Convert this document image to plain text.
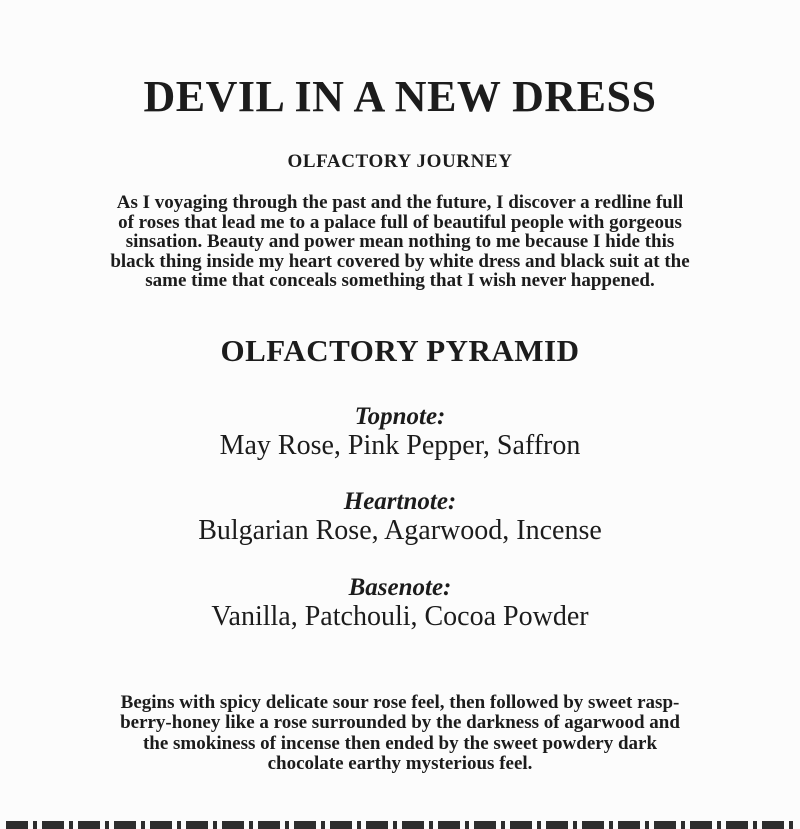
DEVIL IN A NEW DRESS
OLFACTORY JOURNEY

As I voyaging through the past and the future, I discover a redline full
of roses that lead me to a palace full of beautiful people with gorgeous
sinsation. Beauty and power mean nothing to me because I hide this
black thing inside my heart covered by white dress and black suit at the
same time that conceals something that I wish never happened.

OLFACTORY PYRAMID
Topnote:
May Rose, Pink Pepper, Saffron
Heartnote:
Bulgarian Rose, Agarwood, Incense
Basenote:
Vanilla, Patchouli, Cocoa Powder

Begins with spicy delicate sour rose feel, then followed by sweet rasp-
berry-honey like a rose surrounded by the darkness of agarwood and
the smokiness of incense then ended by the sweet powdery dark
chocolate earthy mysterious feel.
